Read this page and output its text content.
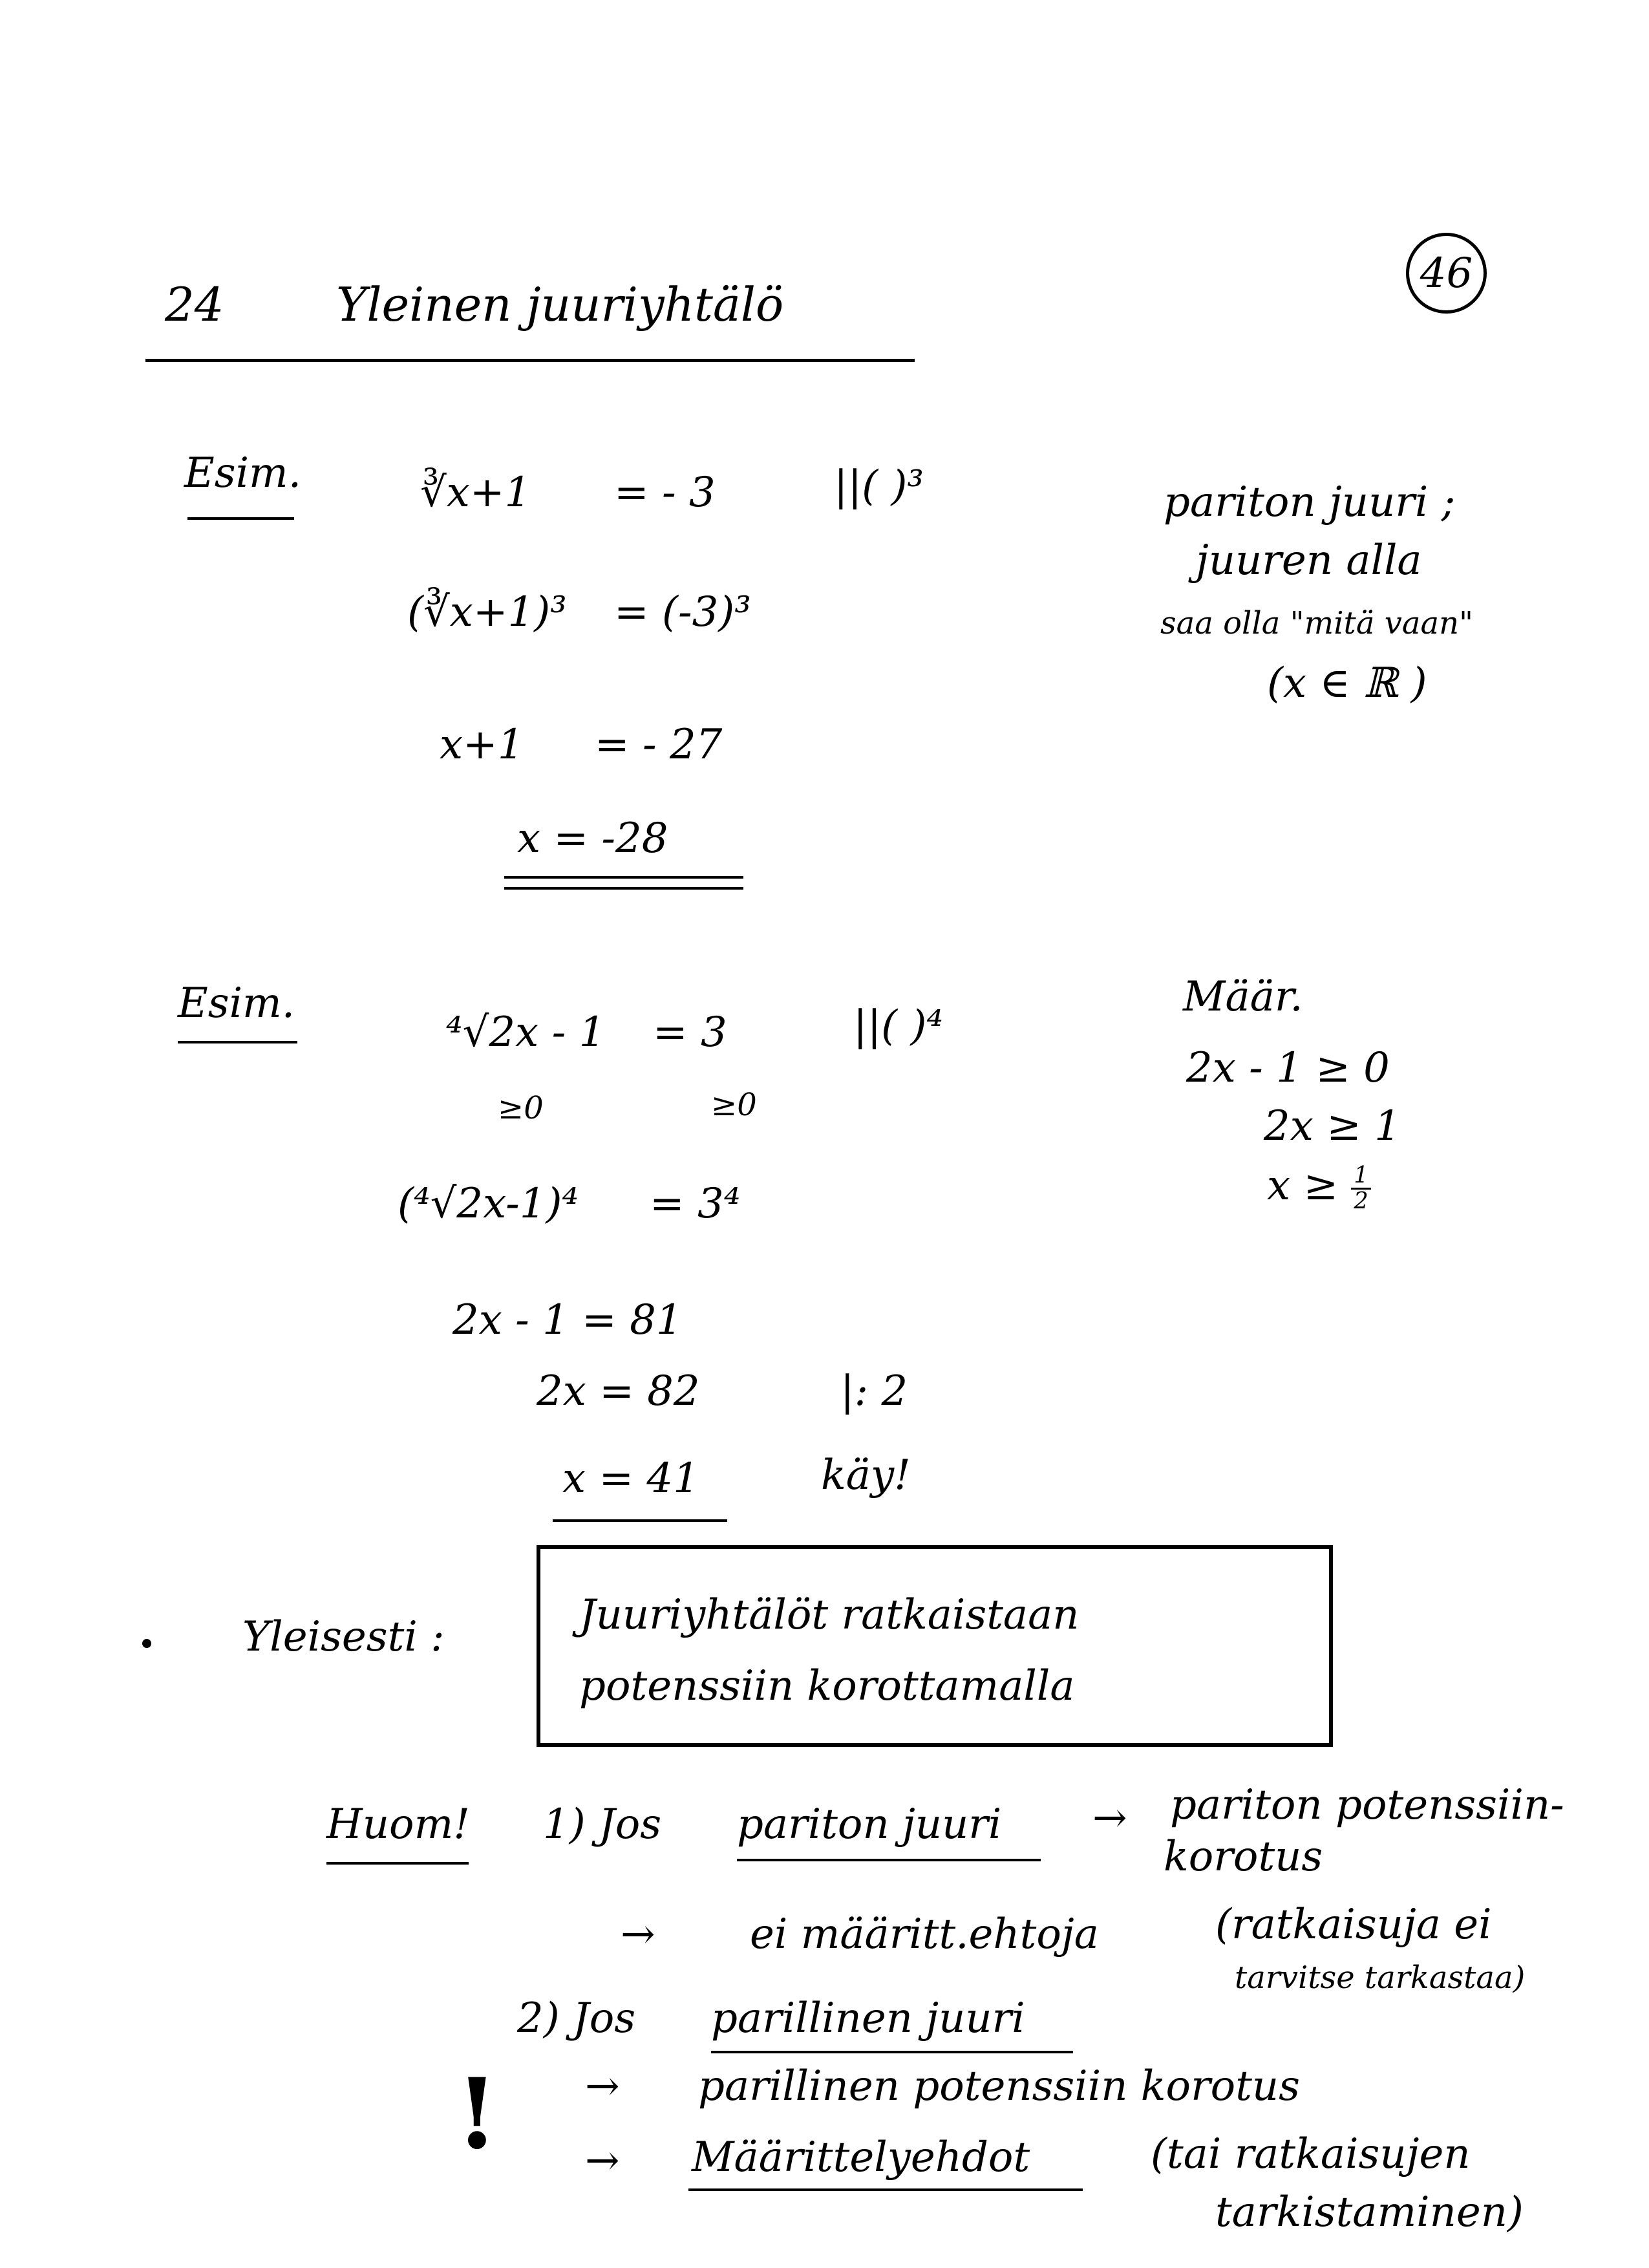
24 Yleinen juuriyhtälö
46
Esim.	∛x+1 = - 3	||( )³
(∛x+1)³ = (-3)³
x+1 = - 27
x = -28
pariton juuri ;
juuren alla
saa olla "mitä vaan"
(x ∈ ℝ )
Esim.
⁴√2x - 1 = 3	||( )⁴
≥0	≥0
(⁴√2x-1)⁴ = 3⁴
2x - 1 = 81
2x = 82	|: 2
x = 41	käy!
Määr.
2x - 1 ≥ 0
2x ≥ 1
$x \ge \frac{1}{2}$
Yleisesti :	Juuriyhtälöt ratkaistaan
potenssiin korottamalla
Huom! 1) Jos pariton juuri → pariton potenssiin-
korotus
→ ei määritt.ehtoja	(ratkaisuja ei
tarvitse tarkastaa)
2) Jos parillinen juuri
! → parillinen potenssiin korotus
→ Määrittelyehdot	(tai ratkaisujen
tarkistaminen)
